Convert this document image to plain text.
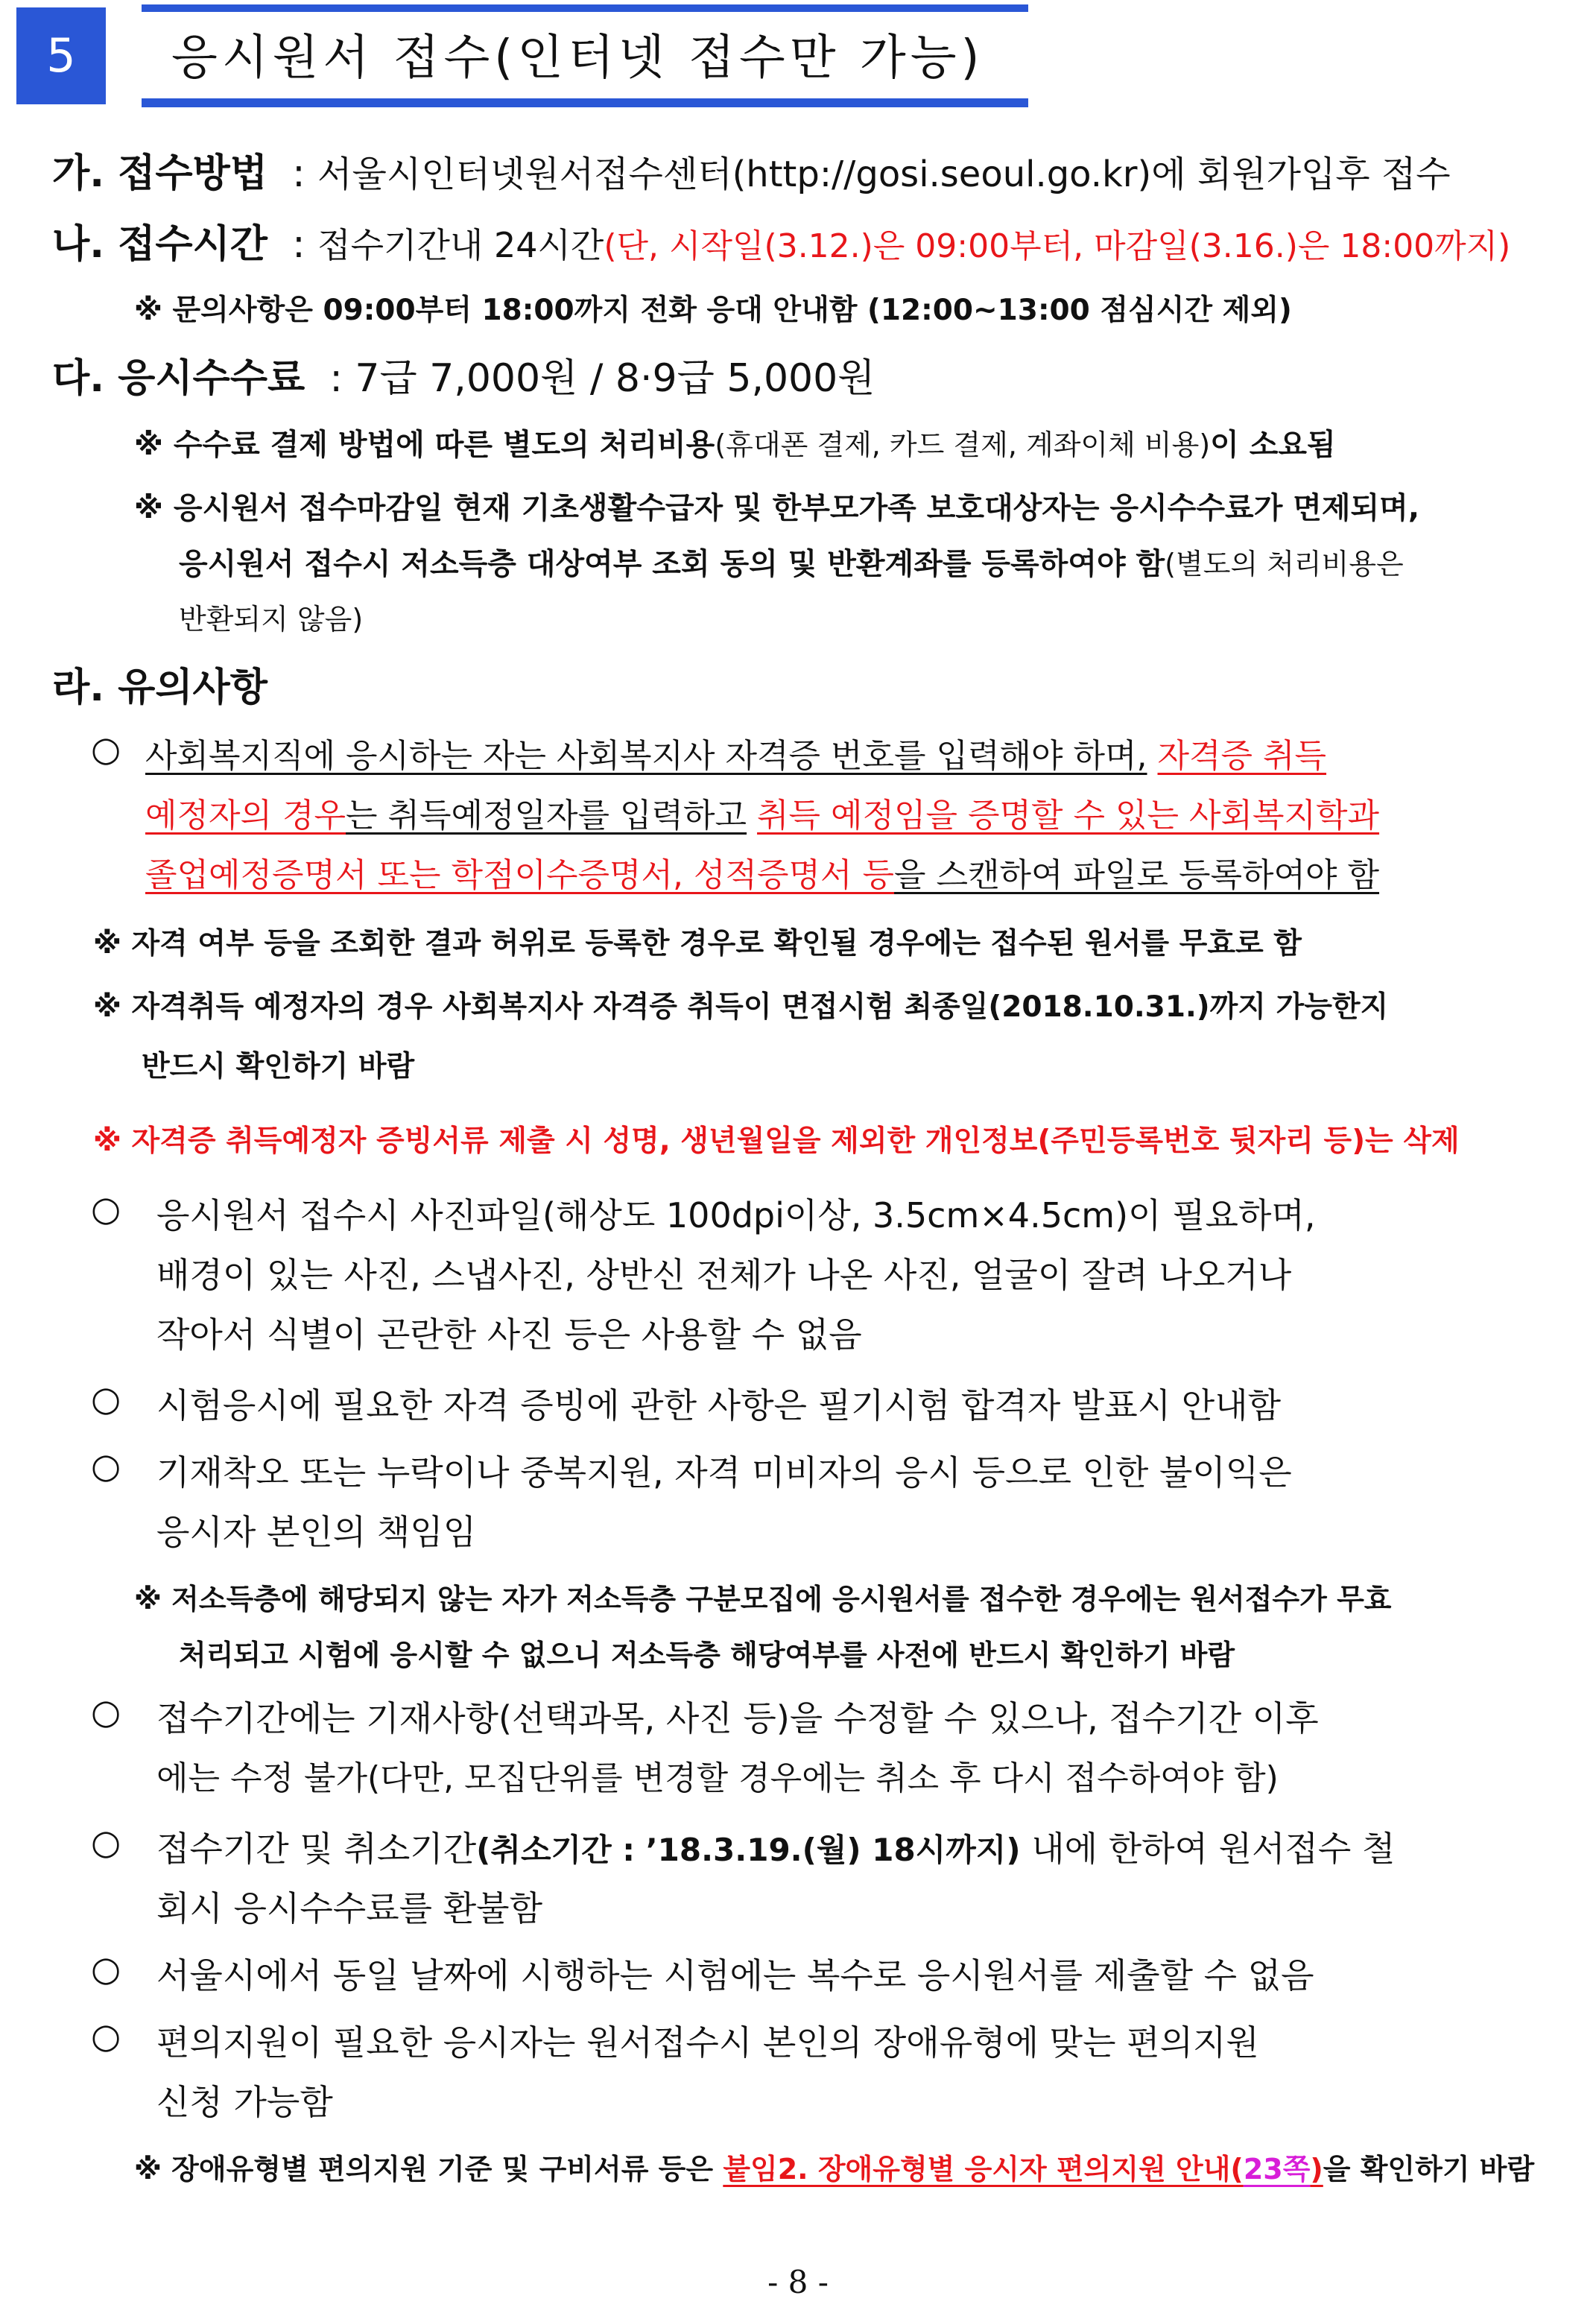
5	응시원서 접수(인터넷 접수만 가능)
가. 접수방법 : 서울시인터넷원서접수센터(http://gosi.seoul.go.kr)에 회원가입후 접수
나. 접수시간 : 접수기간내 24시간(단, 시작일(3.12.)은 09:00부터, 마감일(3.16.)은 18:00까지)
※ 문의사항은 09:00부터 18:00까지 전화 응대 안내함 (12:00~13:00 점심시간 제외)
다. 응시수수료 : 7급 7,000원 / 8·9급 5,000원
※ 수수료 결제 방법에 따른 별도의 처리비용(휴대폰 결제, 카드 결제, 계좌이체 비용)이 소요됨
※ 응시원서 접수마감일 현재 기초생활수급자 및 한부모가족 보호대상자는 응시수수료가 면제되며,
응시원서 접수시 저소득층 대상여부 조회 동의 및 반환계좌를 등록하여야 함(별도의 처리비용은
반환되지 않음)
라. 유의사항
○ 사회복지직에 응시하는 자는 사회복지사 자격증 번호를 입력해야 하며, 자격증 취득
예정자의 경우는 취득예정일자를 입력하고 취득 예정임을 증명할 수 있는 사회복지학과
졸업예정증명서 또는 학점이수증명서, 성적증명서 등을 스캔하여 파일로 등록하여야 함
※ 자격 여부 등을 조회한 결과 허위로 등록한 경우로 확인될 경우에는 접수된 원서를 무효로 함
※ 자격취득 예정자의 경우 사회복지사 자격증 취득이 면접시험 최종일(2018.10.31.)까지 가능한지
반드시 확인하기 바람
※ 자격증 취득예정자 증빙서류 제출 시 성명, 생년월일을 제외한 개인정보(주민등록번호 뒷자리 등)는 삭제
○ 응시원서 접수시 사진파일(해상도 100dpi이상, 3.5cm×4.5cm)이 필요하며,
배경이 있는 사진, 스냅사진, 상반신 전체가 나온 사진, 얼굴이 잘려 나오거나
작아서 식별이 곤란한 사진 등은 사용할 수 없음
○ 시험응시에 필요한 자격 증빙에 관한 사항은 필기시험 합격자 발표시 안내함
○ 기재착오 또는 누락이나 중복지원, 자격 미비자의 응시 등으로 인한 불이익은
응시자 본인의 책임임
※ 저소득층에 해당되지 않는 자가 저소득층 구분모집에 응시원서를 접수한 경우에는 원서접수가 무효
처리되고 시험에 응시할 수 없으니 저소득층 해당여부를 사전에 반드시 확인하기 바람
○ 접수기간에는 기재사항(선택과목, 사진 등)을 수정할 수 있으나, 접수기간 이후
에는 수정 불가(다만, 모집단위를 변경할 경우에는 취소 후 다시 접수하여야 함)
○ 접수기간 및 취소기간(취소기간 : ’18.3.19.(월) 18시까지) 내에 한하여 원서접수 철
회시 응시수수료를 환불함
○ 서울시에서 동일 날짜에 시행하는 시험에는 복수로 응시원서를 제출할 수 없음
○ 편의지원이 필요한 응시자는 원서접수시 본인의 장애유형에 맞는 편의지원
신청 가능함
※ 장애유형별 편의지원 기준 및 구비서류 등은 붙임2. 장애유형별 응시자 편의지원 안내(23쪽)을 확인하기 바람
- 8 -
